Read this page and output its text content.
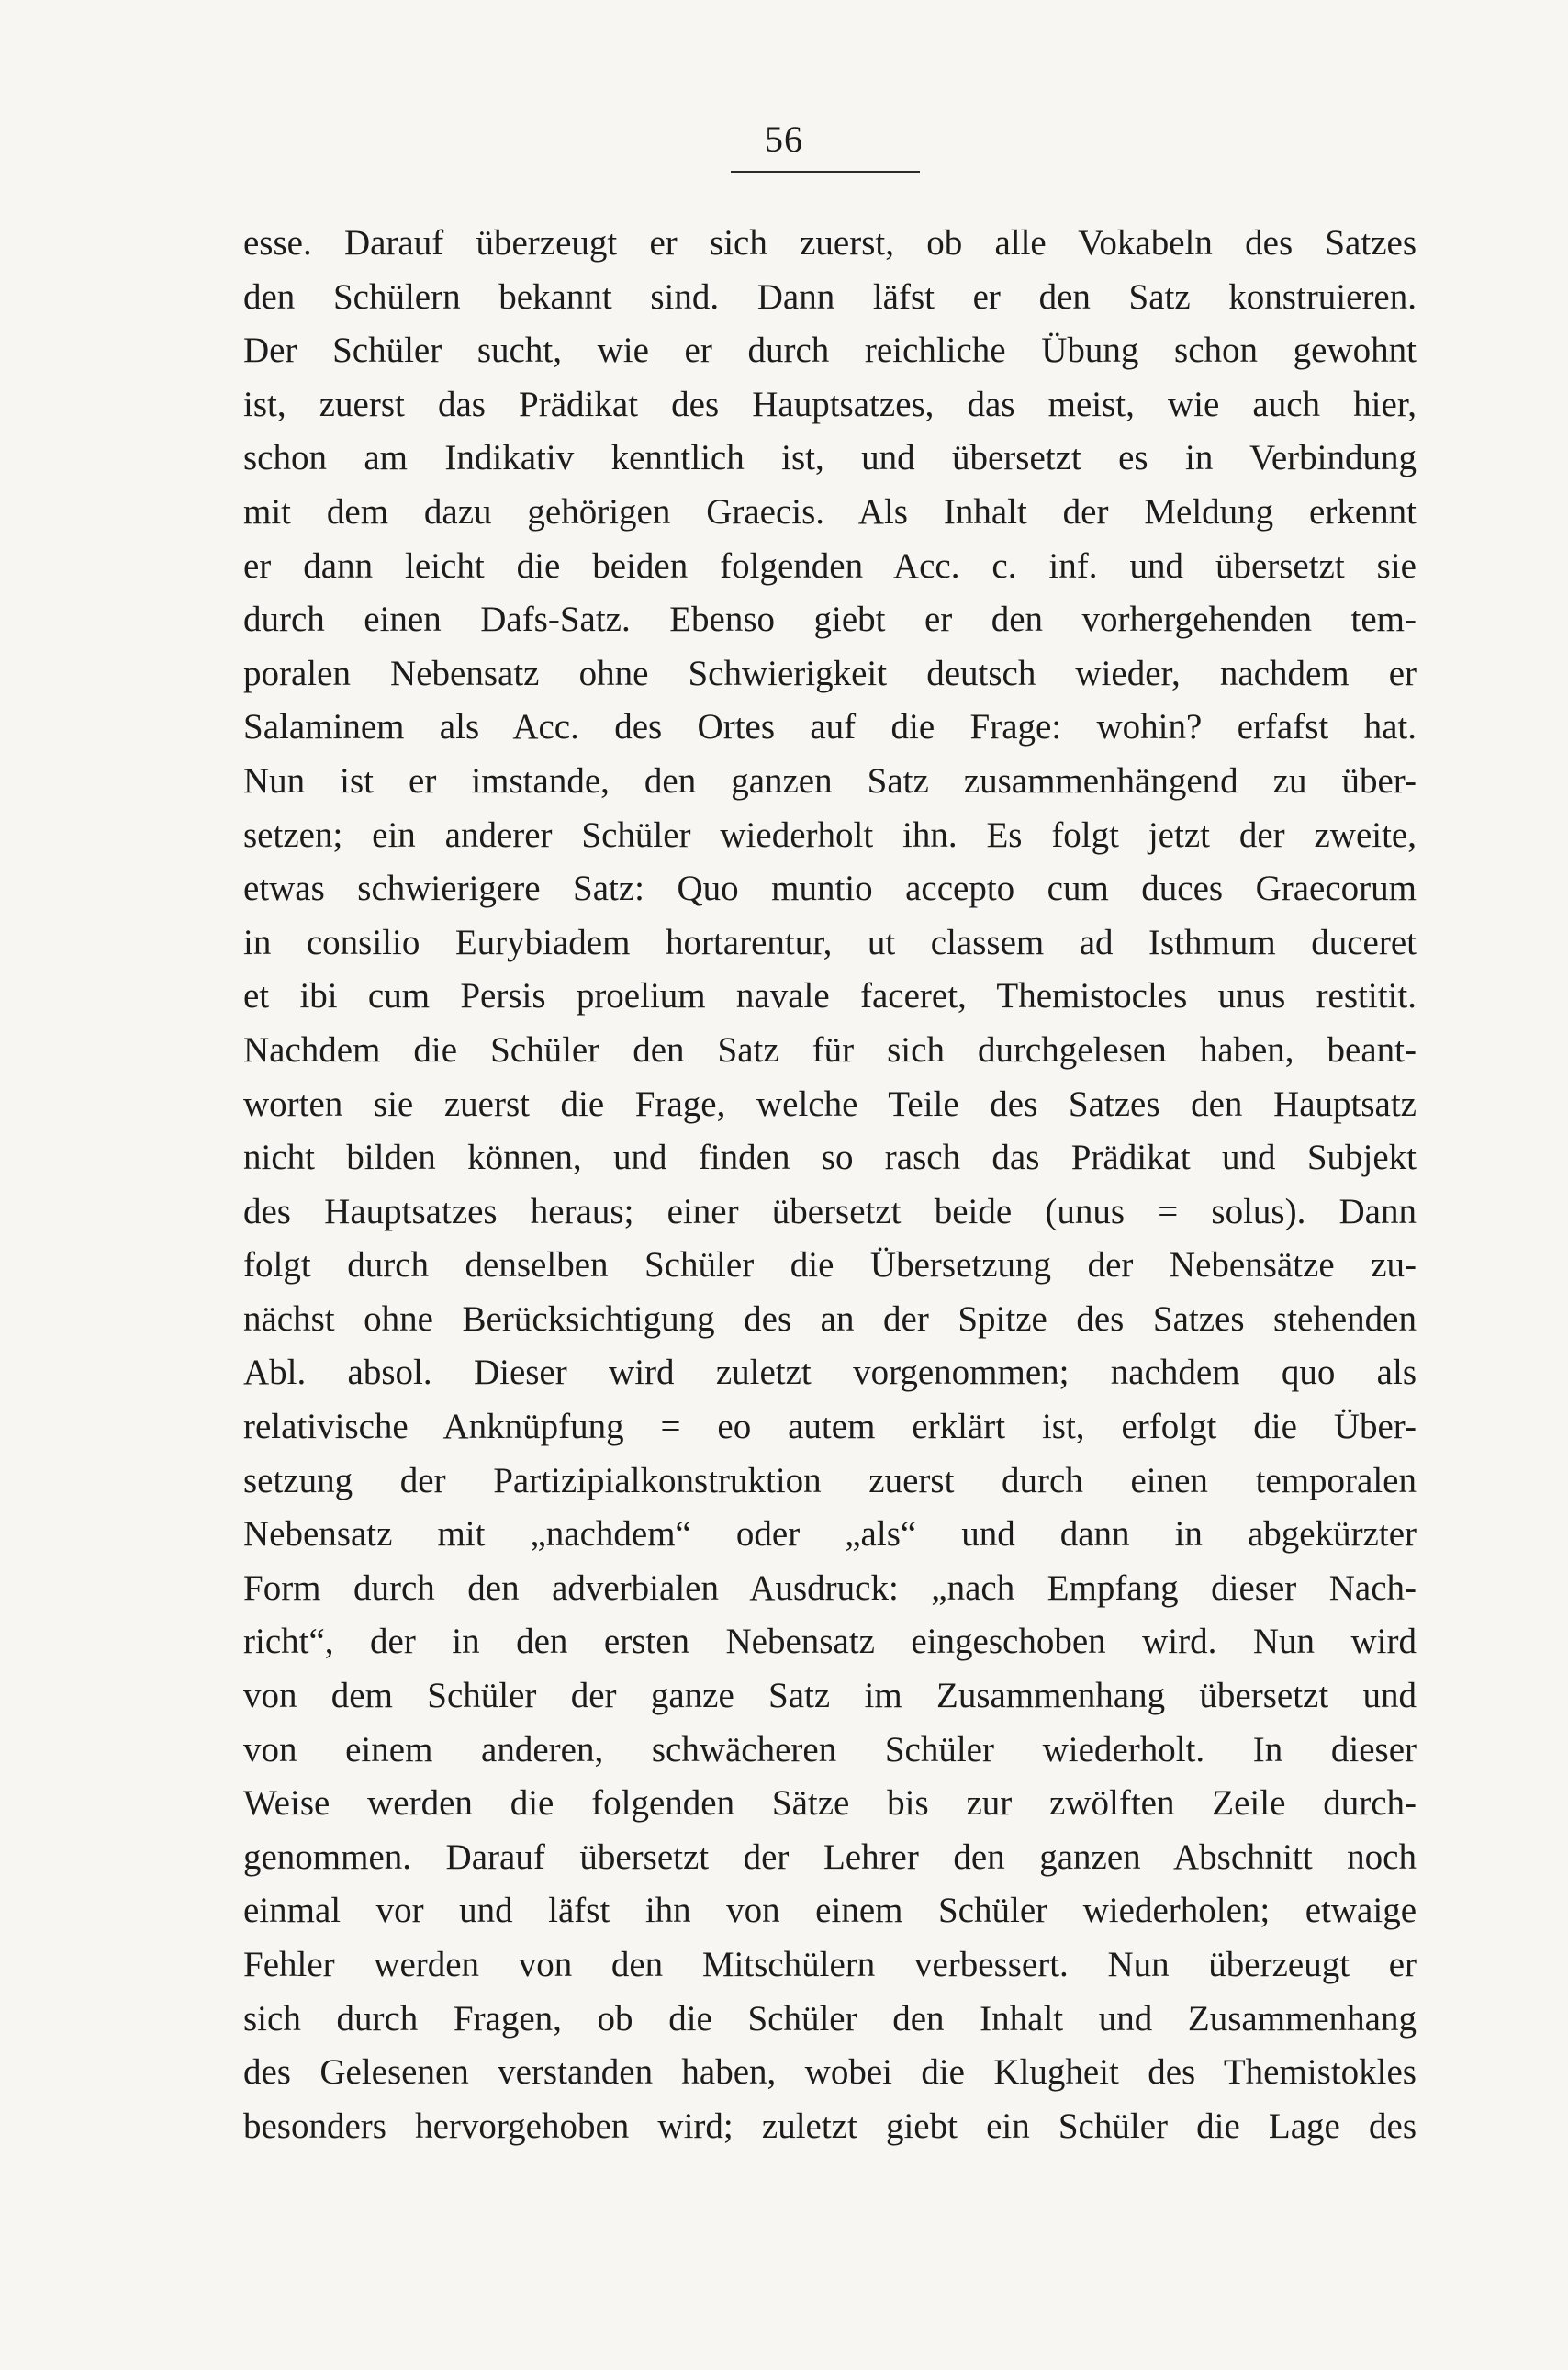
56
esse. Darauf überzeugt er sich zuerst, ob alle Vokabeln des Satzes
den Schülern bekannt sind. Dann läfst er den Satz konstruieren.
Der Schüler sucht, wie er durch reichliche Übung schon gewohnt
ist, zuerst das Prädikat des Hauptsatzes, das meist, wie auch hier,
schon am Indikativ kenntlich ist, und übersetzt es in Verbindung
mit dem dazu gehörigen Graecis. Als Inhalt der Meldung erkennt
er dann leicht die beiden folgenden Acc. c. inf. und übersetzt sie
durch einen Dafs-Satz. Ebenso giebt er den vorhergehenden tem-
poralen Nebensatz ohne Schwierigkeit deutsch wieder, nachdem er
Salaminem als Acc. des Ortes auf die Frage: wohin? erfafst hat.
Nun ist er imstande, den ganzen Satz zusammenhängend zu über-
setzen; ein anderer Schüler wiederholt ihn. Es folgt jetzt der zweite,
etwas schwierigere Satz: Quo muntio accepto cum duces Graecorum
in consilio Eurybiadem hortarentur, ut classem ad Isthmum duceret
et ibi cum Persis proelium navale faceret, Themistocles unus restitit.
Nachdem die Schüler den Satz für sich durchgelesen haben, beant-
worten sie zuerst die Frage, welche Teile des Satzes den Hauptsatz
nicht bilden können, und finden so rasch das Prädikat und Subjekt
des Hauptsatzes heraus; einer übersetzt beide (unus = solus). Dann
folgt durch denselben Schüler die Übersetzung der Nebensätze zu-
nächst ohne Berücksichtigung des an der Spitze des Satzes stehenden
Abl. absol. Dieser wird zuletzt vorgenommen; nachdem quo als
relativische Anknüpfung = eo autem erklärt ist, erfolgt die Über-
setzung der Partizipialkonstruktion zuerst durch einen temporalen
Nebensatz mit „nachdem“ oder „als“ und dann in abgekürzter
Form durch den adverbialen Ausdruck: „nach Empfang dieser Nach-
richt“, der in den ersten Nebensatz eingeschoben wird. Nun wird
von dem Schüler der ganze Satz im Zusammenhang übersetzt und
von einem anderen, schwächeren Schüler wiederholt. In dieser
Weise werden die folgenden Sätze bis zur zwölften Zeile durch-
genommen. Darauf übersetzt der Lehrer den ganzen Abschnitt noch
einmal vor und läfst ihn von einem Schüler wiederholen; etwaige
Fehler werden von den Mitschülern verbessert. Nun überzeugt er
sich durch Fragen, ob die Schüler den Inhalt und Zusammenhang
des Gelesenen verstanden haben, wobei die Klugheit des Themistokles
besonders hervorgehoben wird; zuletzt giebt ein Schüler die Lage des
